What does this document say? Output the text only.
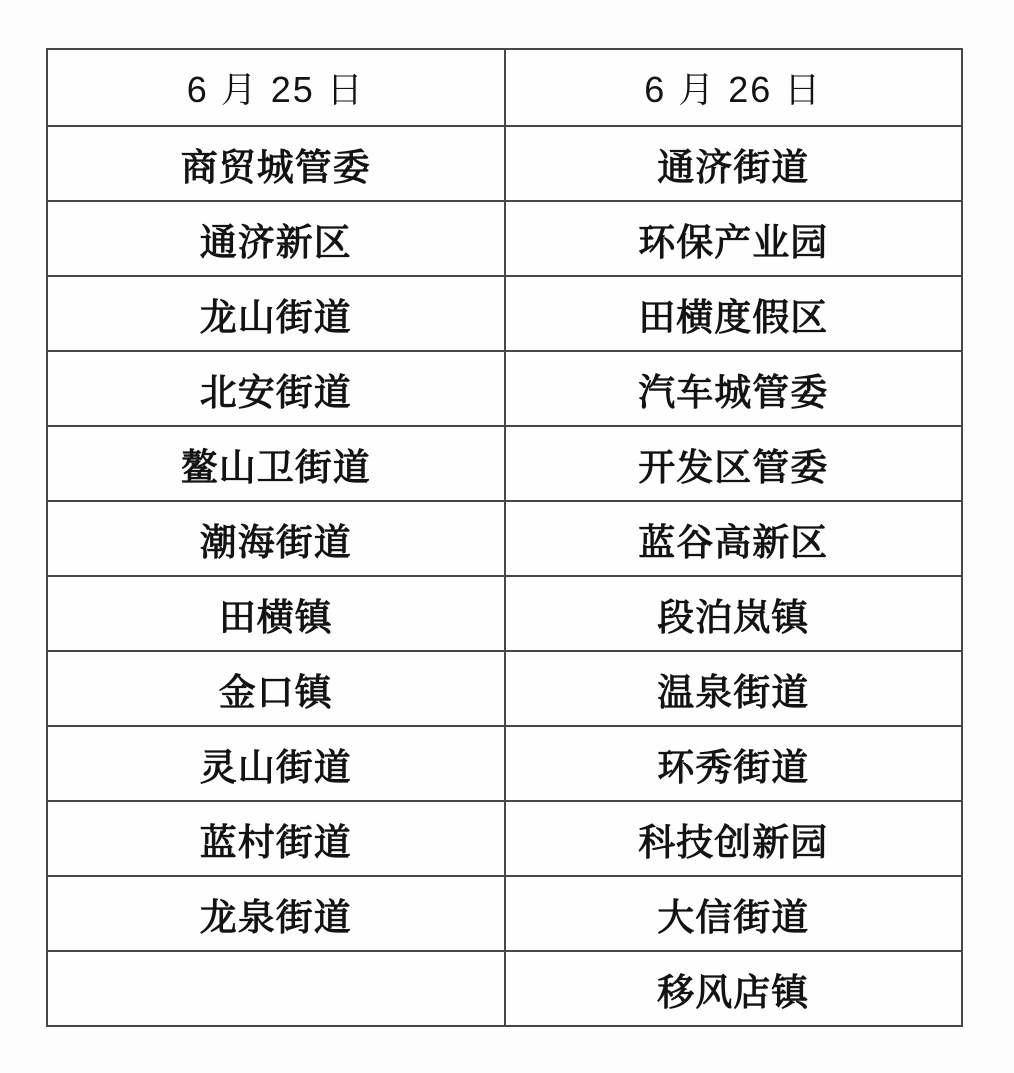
6 月 25 日	6 月 26 日
商贸城管委	通济街道
通济新区	环保产业园
龙山街道	田横度假区
北安街道	汽车城管委
鳌山卫街道	开发区管委
潮海街道	蓝谷高新区
田横镇	段泊岚镇
金口镇	温泉街道
灵山街道	环秀街道
蓝村街道	科技创新园
龙泉街道	大信街道
	移风店镇
